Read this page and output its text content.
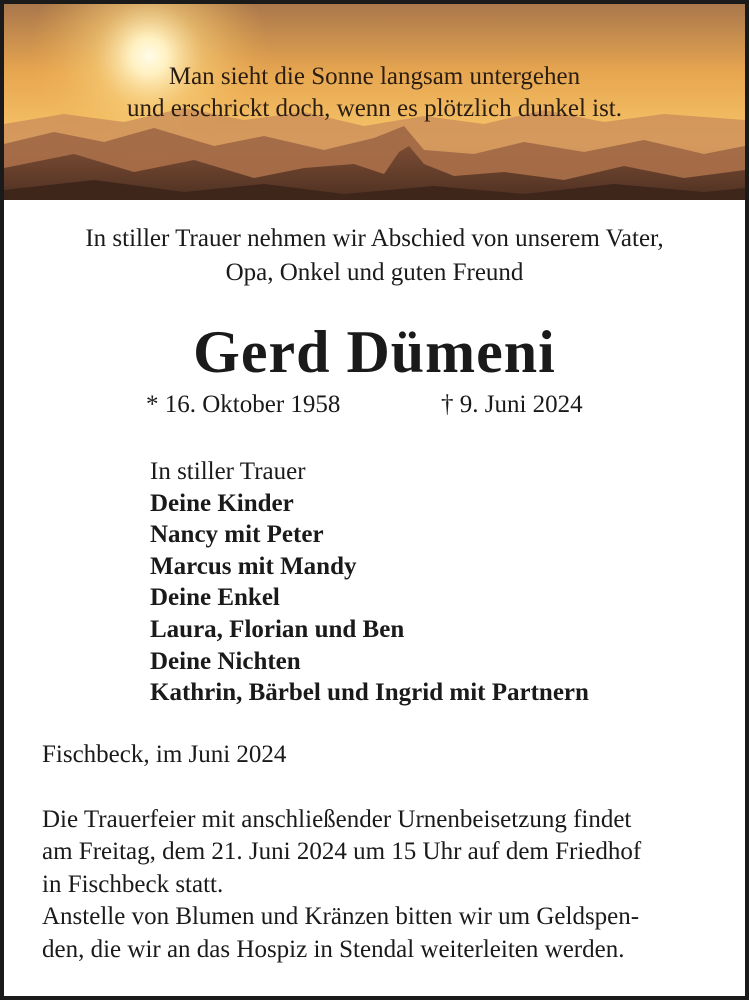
Man sieht die Sonne langsam untergehen
und erschrickt doch, wenn es plötzlich dunkel ist.
In stiller Trauer nehmen wir Abschied von unserem Vater,
Opa, Onkel und guten Freund
Gerd Dümeni
* 16. Oktober 1958	† 9. Juni 2024
In stiller Trauer
Deine Kinder
Nancy mit Peter
Marcus mit Mandy
Deine Enkel
Laura, Florian und Ben
Deine Nichten
Kathrin, Bärbel und Ingrid mit Partnern
Fischbeck, im Juni 2024
Die Trauerfeier mit anschließender Urnenbeisetzung findet
am Freitag, dem 21. Juni 2024 um 15 Uhr auf dem Friedhof
in Fischbeck statt.
Anstelle von Blumen und Kränzen bitten wir um Geldspen-
den, die wir an das Hospiz in Stendal weiterleiten werden.
